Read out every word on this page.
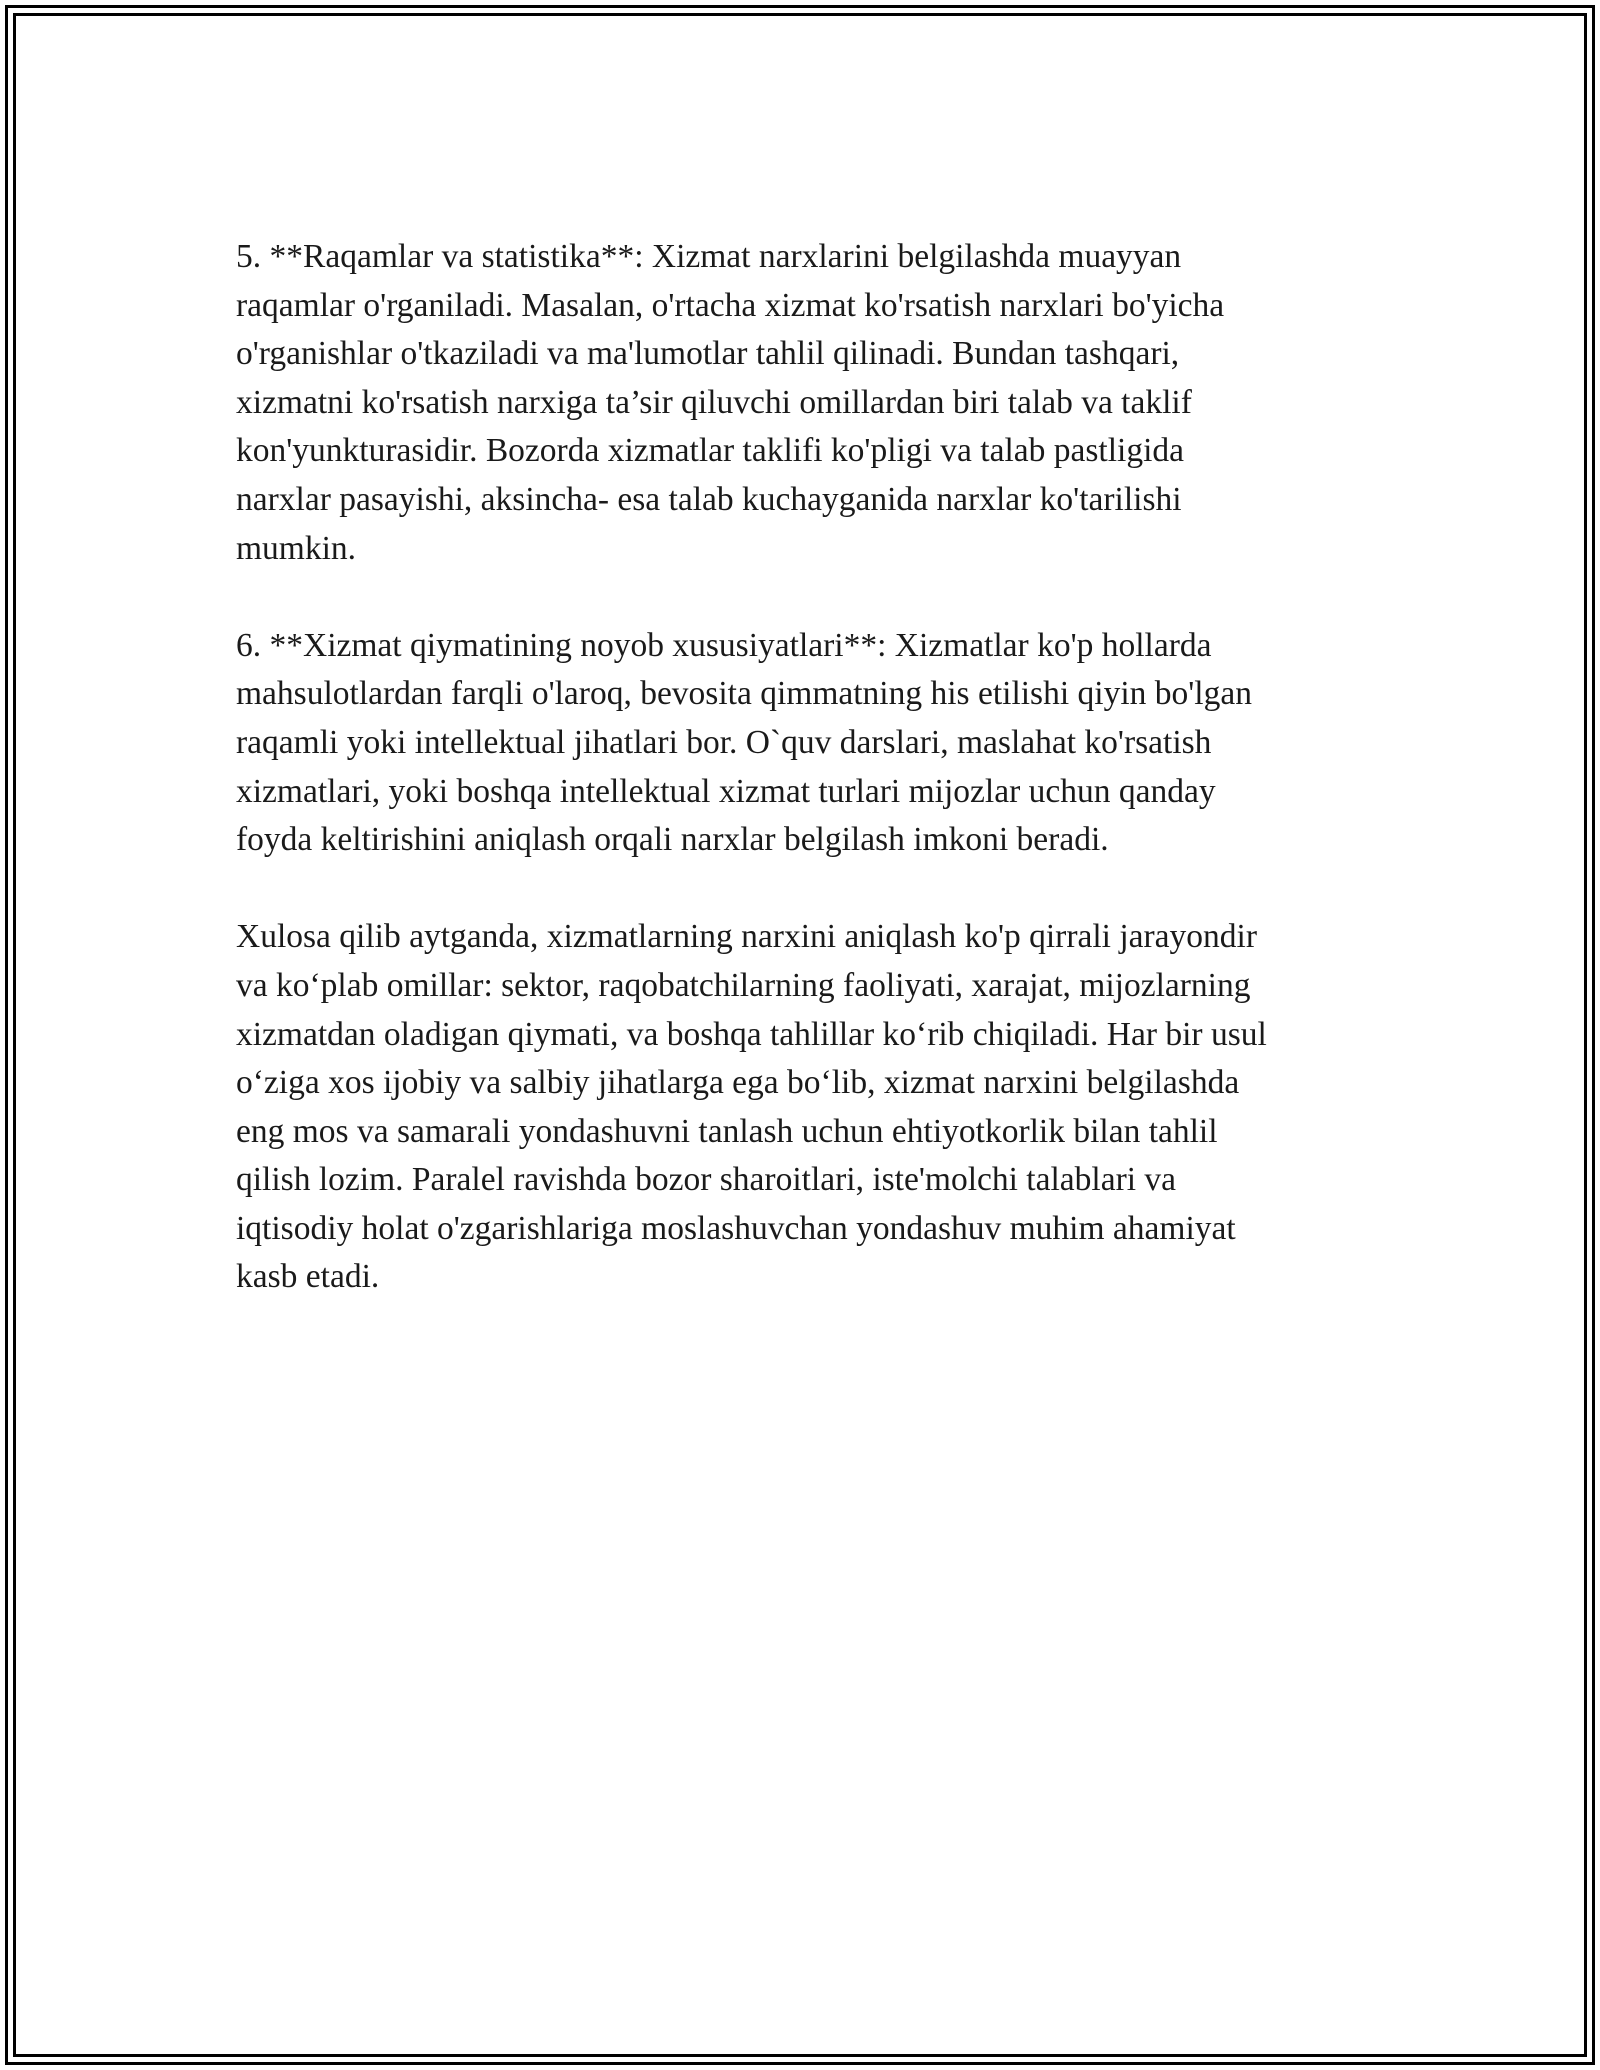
5. **Raqamlar va statistika**: Xizmat narxlarini belgilashda muayyan
raqamlar o'rganiladi. Masalan, o'rtacha xizmat ko'rsatish narxlari bo'yicha
o'rganishlar o'tkaziladi va ma'lumotlar tahlil qilinadi. Bundan tashqari,
xizmatni ko'rsatish narxiga ta’sir qiluvchi omillardan biri talab va taklif
kon'yunkturasidir. Bozorda xizmatlar taklifi ko'pligi va talab pastligida
narxlar pasayishi, aksincha- esa talab kuchayganida narxlar ko'tarilishi
mumkin.

6. **Xizmat qiymatining noyob xususiyatlari**: Xizmatlar ko'p hollarda
mahsulotlardan farqli o'laroq, bevosita qimmatning his etilishi qiyin bo'lgan
raqamli yoki intellektual jihatlari bor. O`quv darslari, maslahat ko'rsatish
xizmatlari, yoki boshqa intellektual xizmat turlari mijozlar uchun qanday
foyda keltirishini aniqlash orqali narxlar belgilash imkoni beradi.

Xulosa qilib aytganda, xizmatlarning narxini aniqlash ko'p qirrali jarayondir
va ko‘plab omillar: sektor, raqobatchilarning faoliyati, xarajat, mijozlarning
xizmatdan oladigan qiymati, va boshqa tahlillar ko‘rib chiqiladi. Har bir usul
o‘ziga xos ijobiy va salbiy jihatlarga ega bo‘lib, xizmat narxini belgilashda
eng mos va samarali yondashuvni tanlash uchun ehtiyotkorlik bilan tahlil
qilish lozim. Paralel ravishda bozor sharoitlari, iste'molchi talablari va
iqtisodiy holat o'zgarishlariga moslashuvchan yondashuv muhim ahamiyat
kasb etadi.
